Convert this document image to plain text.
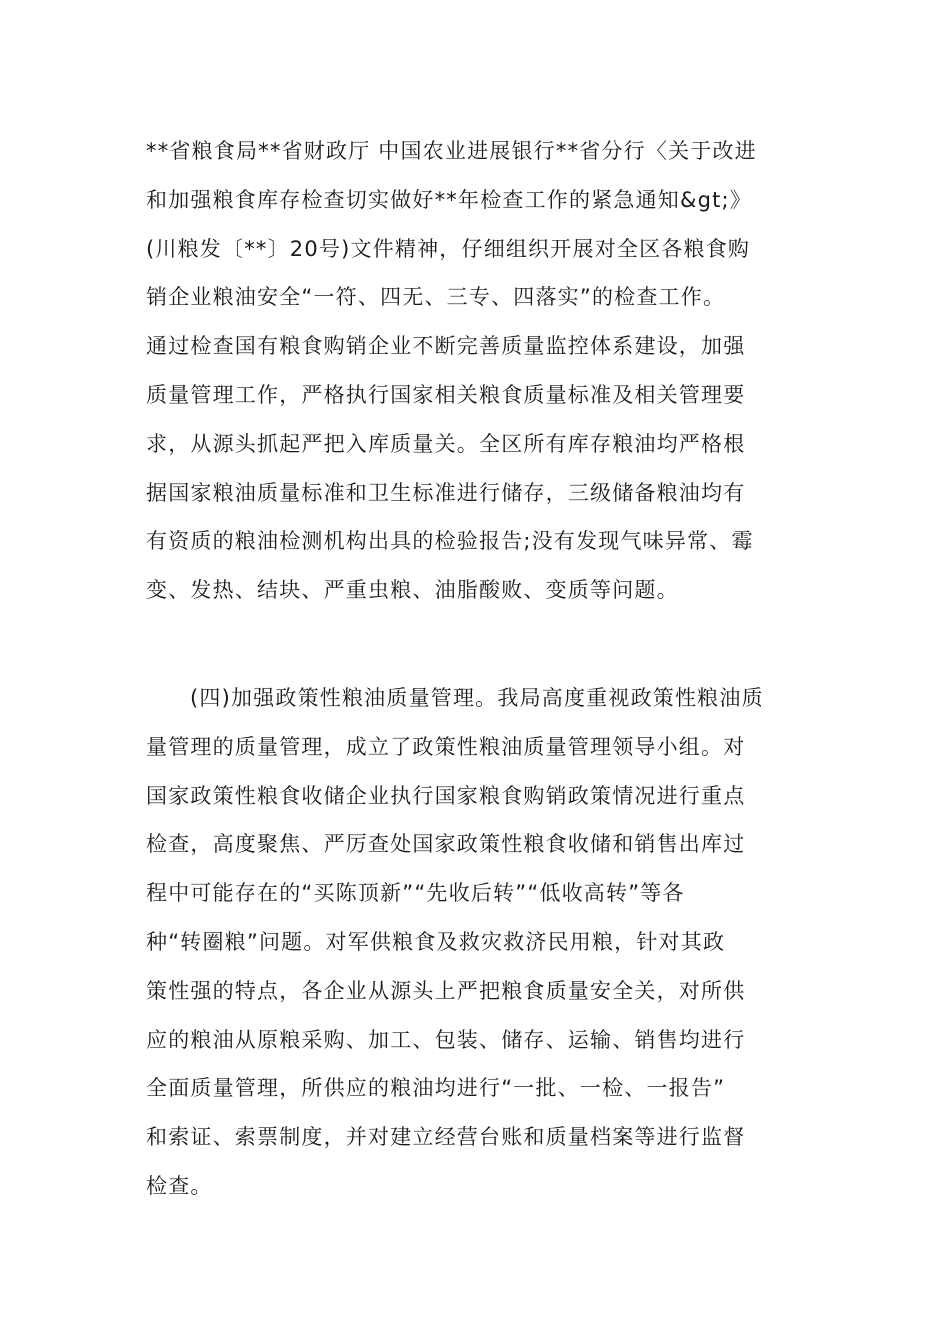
**省粮食局**省财政厅 中国农业进展银行**省分行〈关于改进
和加强粮食库存检查切实做好**年检查工作的紧急通知&gt;》
(川粮发〔**〕20号)文件精神，仔细组织开展对全区各粮食购
销企业粮油安全“一符、四无、三专、四落实”的检查工作。
通过检查国有粮食购销企业不断完善质量监控体系建设，加强
质量管理工作，严格执行国家相关粮食质量标准及相关管理要
求，从源头抓起严把入库质量关。全区所有库存粮油均严格根
据国家粮油质量标准和卫生标准进行储存，三级储备粮油均有
有资质的粮油检测机构出具的检验报告;没有发现气味异常、霉
变、发热、结块、严重虫粮、油脂酸败、变质等问题。
(四)加强政策性粮油质量管理。我局高度重视政策性粮油质
量管理的质量管理，成立了政策性粮油质量管理领导小组。对
国家政策性粮食收储企业执行国家粮食购销政策情况进行重点
检查，高度聚焦、严厉查处国家政策性粮食收储和销售出库过
程中可能存在的“买陈顶新”“先收后转”“低收高转”等各
种“转圈粮”问题。对军供粮食及救灾救济民用粮，针对其政
策性强的特点，各企业从源头上严把粮食质量安全关，对所供
应的粮油从原粮采购、加工、包装、储存、运输、销售均进行
全面质量管理，所供应的粮油均进行“一批、一检、一报告”
和索证、索票制度，并对建立经营台账和质量档案等进行监督
检查。
